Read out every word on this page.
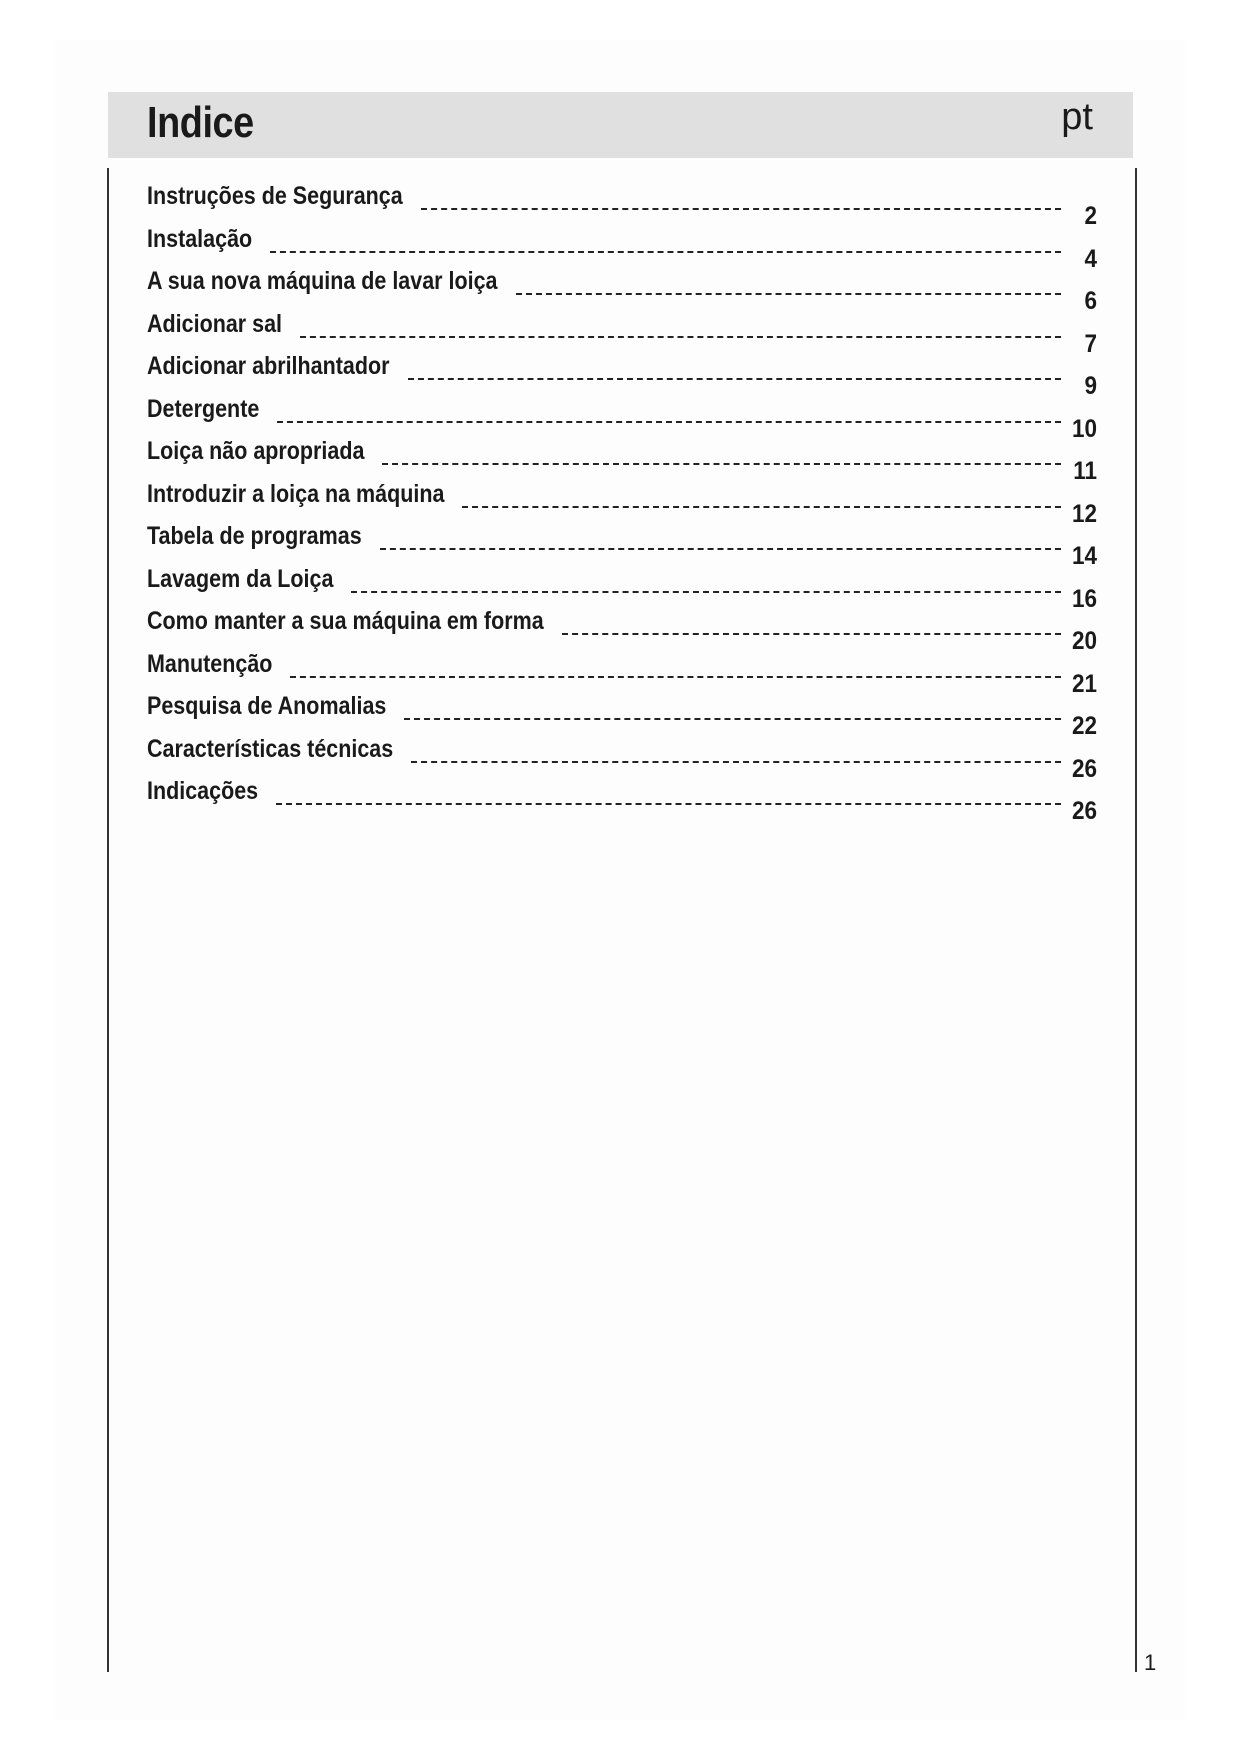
Indice	pt
Instruções de Segurança
2
Instalação
4
A sua nova máquina de lavar loiça
6
Adicionar sal
7
Adicionar abrilhantador
9
Detergente
10
Loiça não apropriada
11
Introduzir a loiça na máquina
12
Tabela de programas
14
Lavagem da Loiça
16
Como manter a sua máquina em forma
20
Manutenção
21
Pesquisa de Anomalias
22
Características técnicas
26
Indicações
26
1
